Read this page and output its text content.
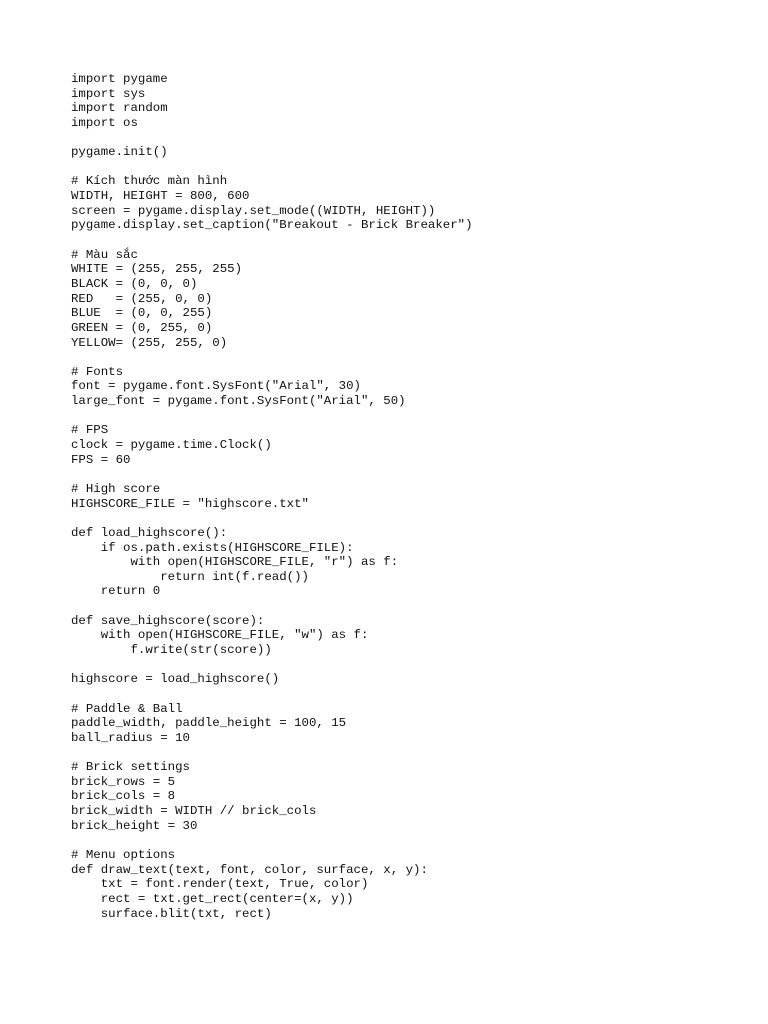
import pygame
import sys
import random
import os
pygame.init()
# Kích thước màn hình
WIDTH, HEIGHT = 800, 600
screen = pygame.display.set_mode((WIDTH, HEIGHT))
pygame.display.set_caption("Breakout - Brick Breaker")
# Màu sắc
WHITE = (255, 255, 255)
BLACK = (0, 0, 0)
RED   = (255, 0, 0)
BLUE  = (0, 0, 255)
GREEN = (0, 255, 0)
YELLOW= (255, 255, 0)
# Fonts
font = pygame.font.SysFont("Arial", 30)
large_font = pygame.font.SysFont("Arial", 50)
# FPS
clock = pygame.time.Clock()
FPS = 60
# High score
HIGHSCORE_FILE = "highscore.txt"
def load_highscore():
if os.path.exists(HIGHSCORE_FILE):
with open(HIGHSCORE_FILE, "r") as f:
return int(f.read())
return 0
def save_highscore(score):
with open(HIGHSCORE_FILE, "w") as f:
f.write(str(score))
highscore = load_highscore()
# Paddle & Ball
paddle_width, paddle_height = 100, 15
ball_radius = 10
# Brick settings
brick_rows = 5
brick_cols = 8
brick_width = WIDTH // brick_cols
brick_height = 30
# Menu options
def draw_text(text, font, color, surface, x, y):
txt = font.render(text, True, color)
rect = txt.get_rect(center=(x, y))
surface.blit(txt, rect)
